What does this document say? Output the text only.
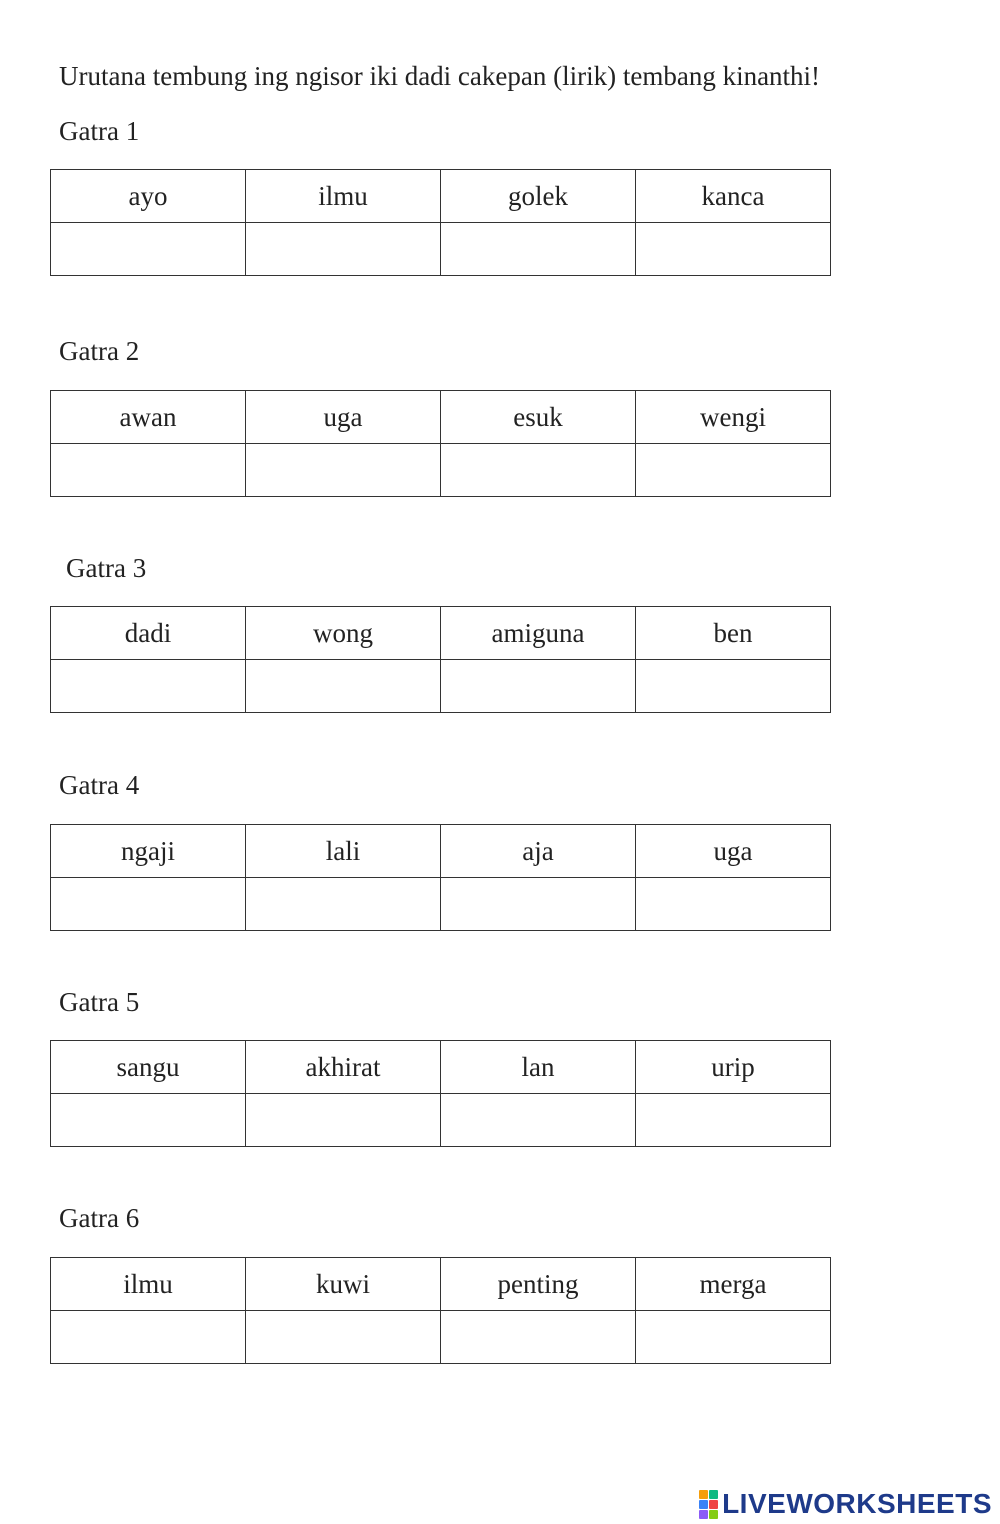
Urutana tembung ing ngisor iki dadi cakepan (lirik) tembang kinanthi!

Gatra 1

ayo	ilmu	golek	kanca

Gatra 2

awan	uga	esuk	wengi

Gatra 3

dadi	wong	amiguna	ben

Gatra 4

ngaji	lali	aja	uga

Gatra 5

sangu	akhirat	lan	urip

Gatra 6

ilmu	kuwi	penting	merga

LIVEWORKSHEETS
